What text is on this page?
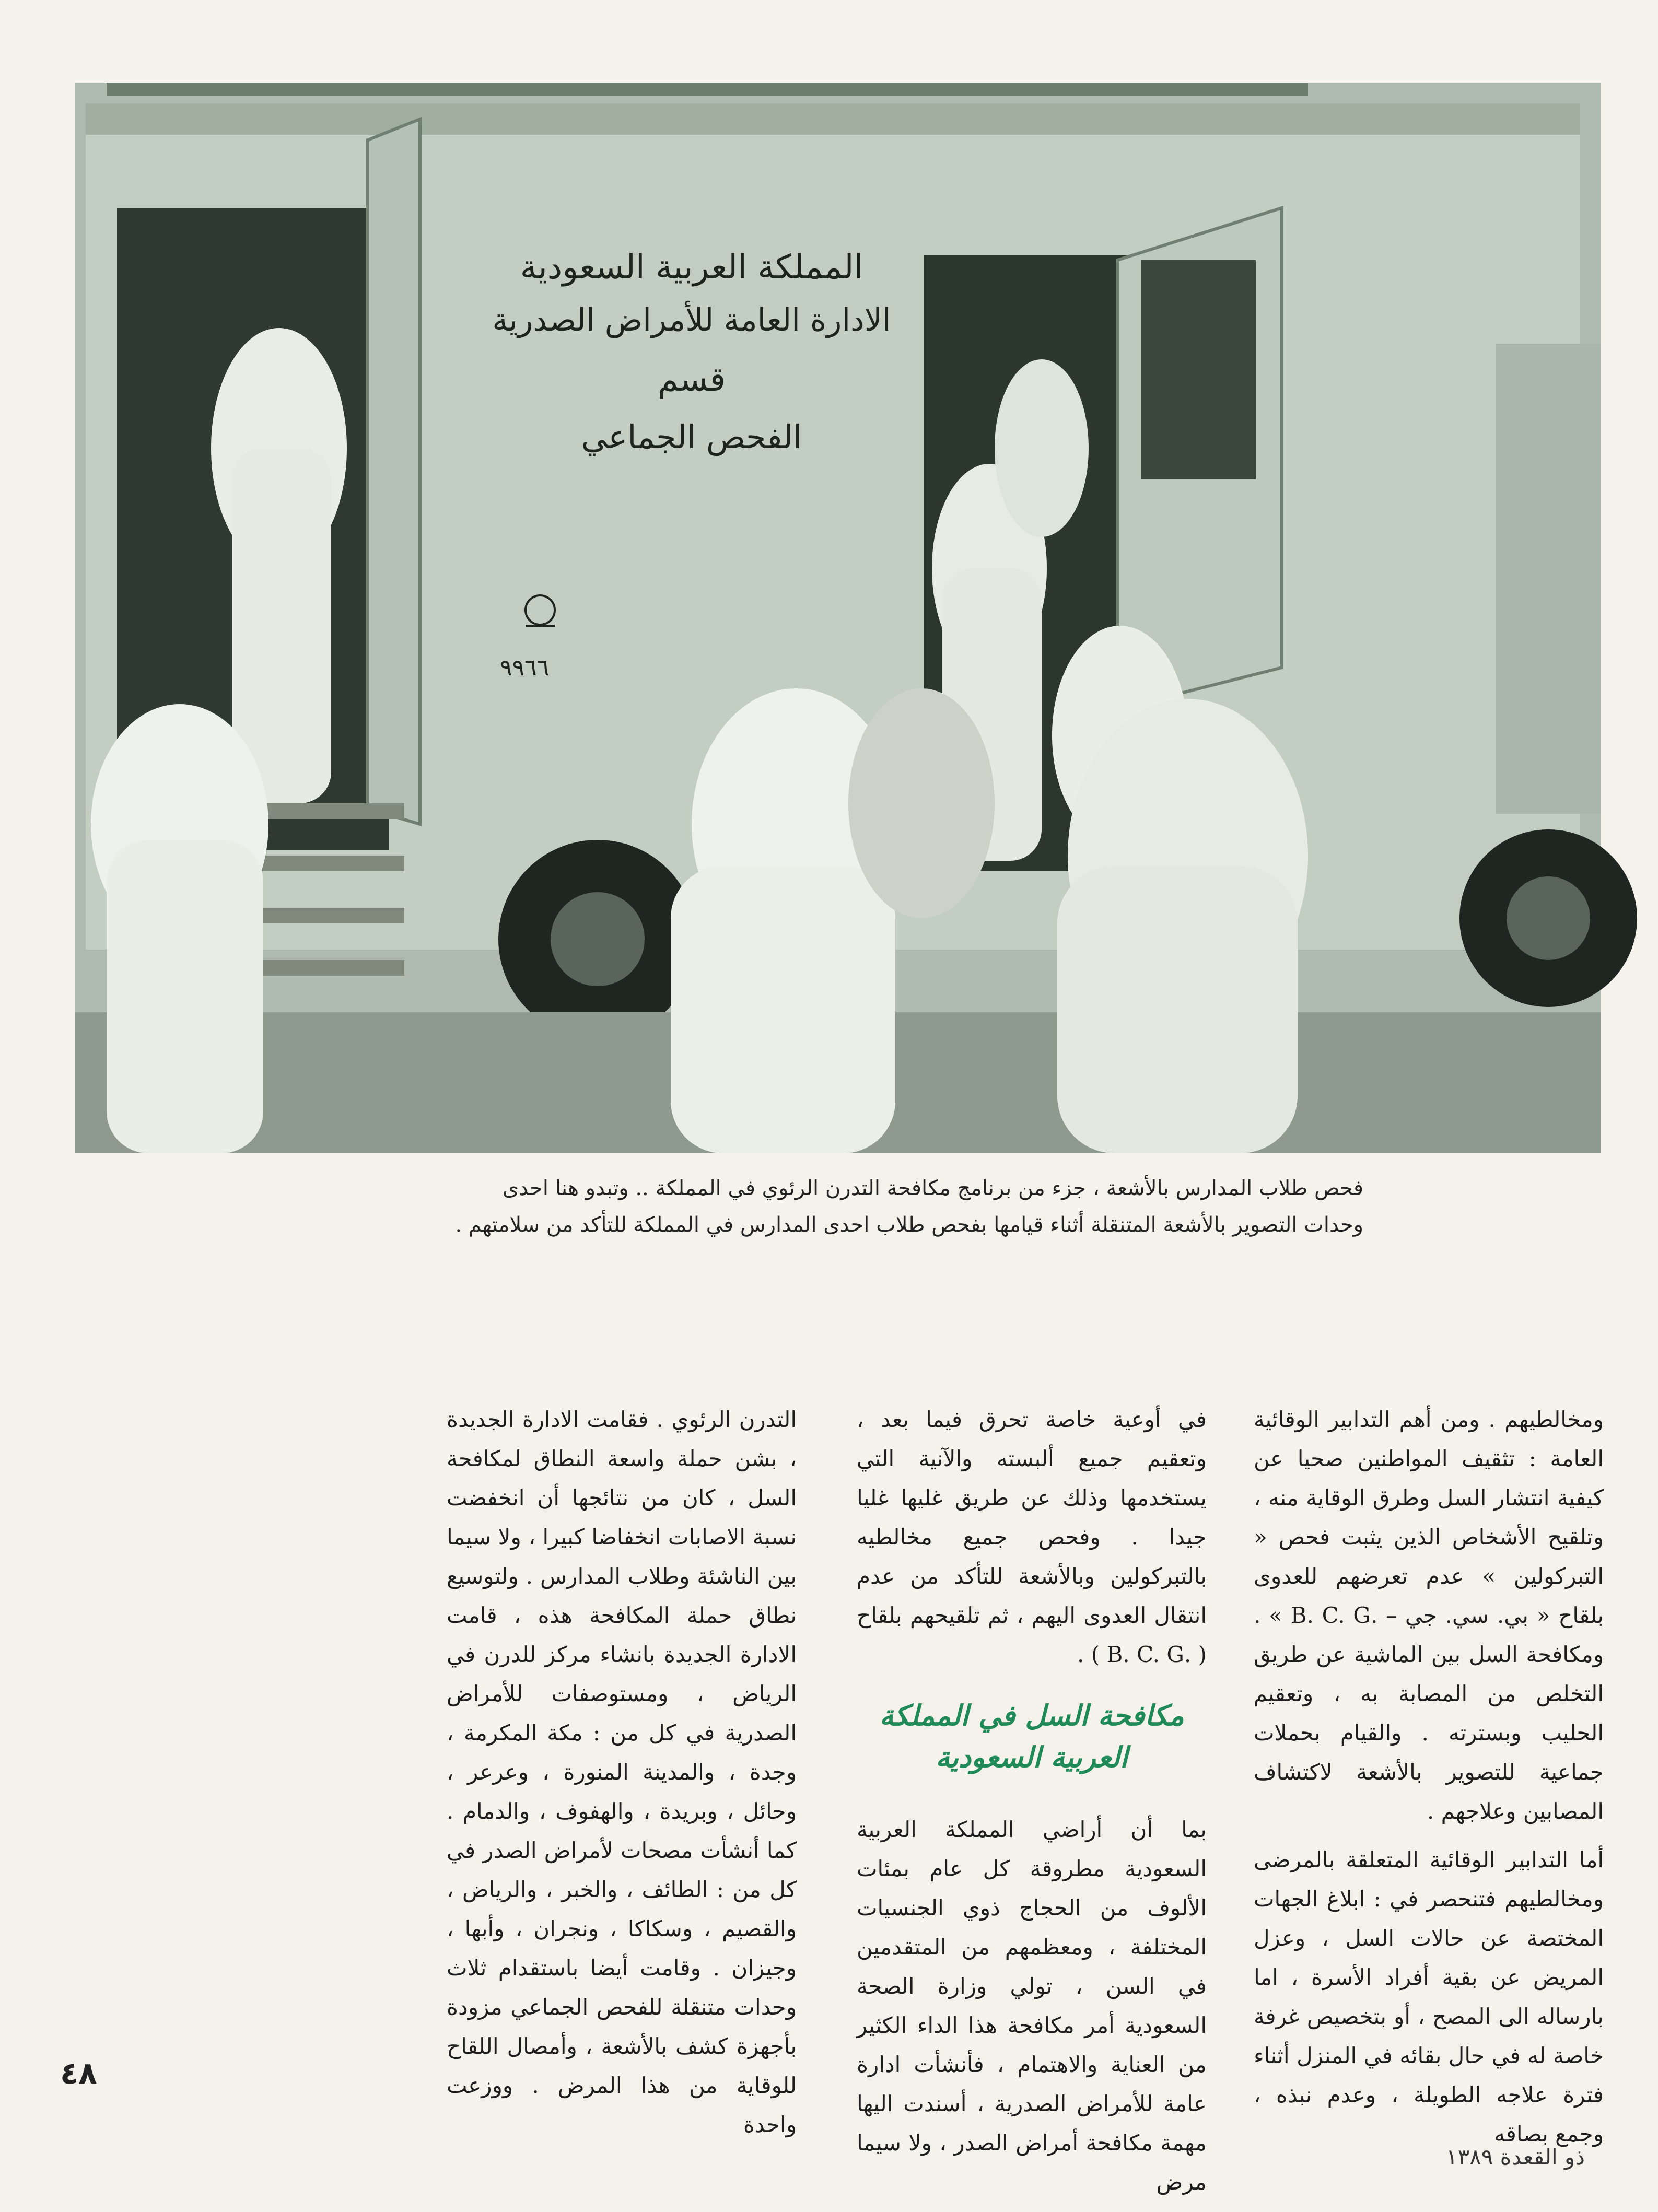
المملكة العربية السعودية
الادارة العامة للأمراض الصدرية
قسم
الفحص الجماعي
٩٩٦٦
فحص طلاب المدارس بالأشعة ، جزء من برنامج مكافحة التدرن الرئوي في المملكة .. وتبدو هنا احدى
وحدات التصوير بالأشعة المتنقلة أثناء قيامها بفحص طلاب احدى المدارس في المملكة للتأكد من سلامتهم .

ومخالطيهم . ومن أهم التدابير الوقائية العامة : تثقيف المواطنين صحيا عن كيفية انتشار السل وطرق الوقاية منه ، وتلقيح الأشخاص الذين يثبت فحص « التبركولين » عدم تعرضهم للعدوى بلقاح « بي. سي. جي – .B. C. G » . ومكافحة السل بين الماشية عن طريق التخلص من المصابة به ، وتعقيم الحليب وبسترته . والقيام بحملات جماعية للتصوير بالأشعة لاكتشاف المصابين وعلاجهم .

أما التدابير الوقائية المتعلقة بالمرضى ومخالطيهم فتنحصر في : ابلاغ الجهات المختصة عن حالات السل ، وعزل المريض عن بقية أفراد الأسرة ، اما بارساله الى المصح ، أو بتخصيص غرفة خاصة له في حال بقائه في المنزل أثناء فترة علاجه الطويلة ، وعدم نبذه ، وجمع بصاقه

في أوعية خاصة تحرق فيما بعد ، وتعقيم جميع ألبسته والآنية التي يستخدمها وذلك عن طريق غليها غليا جيدا . وفحص جميع مخالطيه بالتبركولين وبالأشعة للتأكد من عدم انتقال العدوى اليهم ، ثم تلقيحهم بلقاح ( .B. C. G ) .

مكافحة السل في المملكة العربية السعودية

بما أن أراضي المملكة العربية السعودية مطروقة كل عام بمئات الألوف من الحجاج ذوي الجنسيات المختلفة ، ومعظمهم من المتقدمين في السن ، تولي وزارة الصحة السعودية أمر مكافحة هذا الداء الكثير من العناية والاهتمام ، فأنشأت ادارة عامة للأمراض الصدرية ، أسندت اليها مهمة مكافحة أمراض الصدر ، ولا سيما مرض

التدرن الرئوي . فقامت الادارة الجديدة ، بشن حملة واسعة النطاق لمكافحة السل ، كان من نتائجها أن انخفضت نسبة الاصابات انخفاضا كبيرا ، ولا سيما بين الناشئة وطلاب المدارس . ولتوسيع نطاق حملة المكافحة هذه ، قامت الادارة الجديدة بانشاء مركز للدرن في الرياض ، ومستوصفات للأمراض الصدرية في كل من : مكة المكرمة ، وجدة ، والمدينة المنورة ، وعرعر ، وحائل ، وبريدة ، والهفوف ، والدمام . كما أنشأت مصحات لأمراض الصدر في كل من : الطائف ، والخبر ، والرياض ، والقصيم ، وسكاكا ، ونجران ، وأبها ، وجيزان . وقامت أيضا باستقدام ثلاث وحدات متنقلة للفحص الجماعي مزودة بأجهزة كشف بالأشعة ، وأمصال اللقاح للوقاية من هذا المرض . ووزعت واحدة

٤٨
ذو القعدة ١٣٨٩
